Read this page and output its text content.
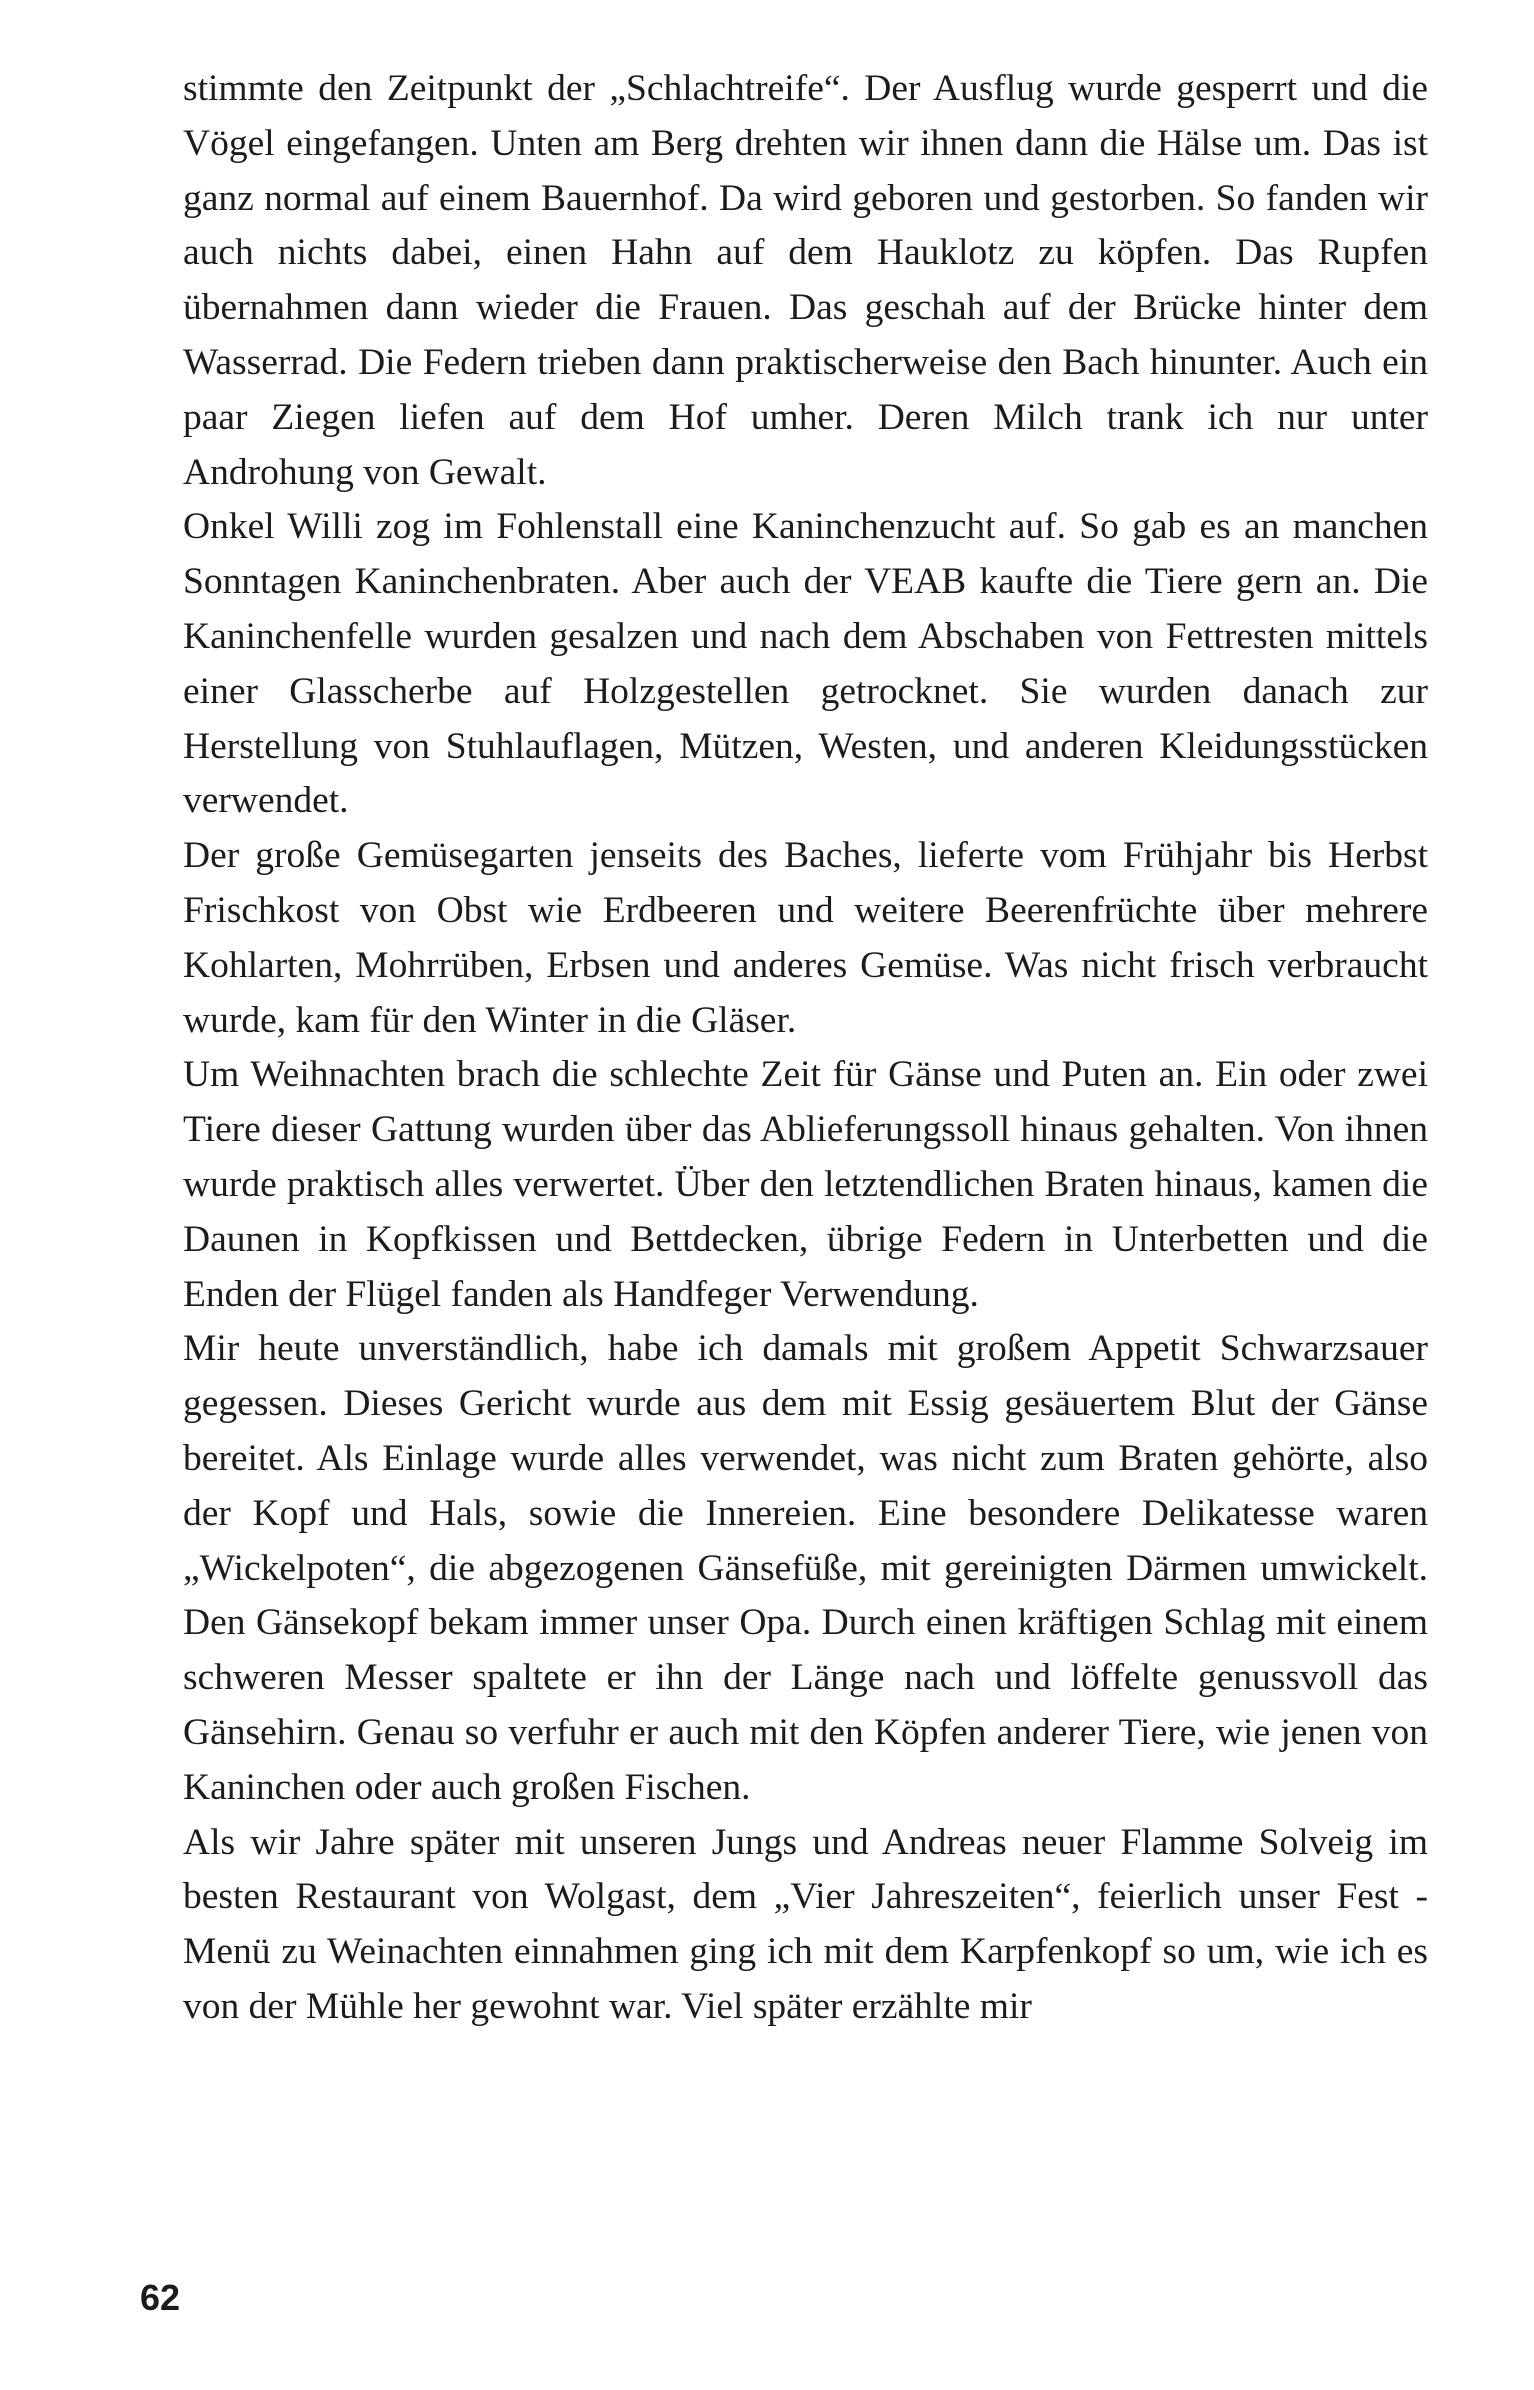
stimmte den Zeitpunkt der „Schlachtreife“. Der Ausflug wurde gesperrt und die Vögel eingefangen. Unten am Berg drehten wir ihnen dann die Hälse um. Das ist ganz normal auf einem Bauernhof. Da wird geboren und gestorben. So fanden wir auch nichts dabei, einen Hahn auf dem Hauklotz zu köpfen. Das Rupfen übernahmen dann wieder die Frauen. Das geschah auf der Brücke hinter dem Wasserrad. Die Federn trieben dann praktischerweise den Bach hinunter. Auch ein paar Ziegen liefen auf dem Hof umher. Deren Milch trank ich nur unter Androhung von Gewalt.

Onkel Willi zog im Fohlenstall eine Kaninchenzucht auf. So gab es an manchen Sonntagen Kaninchenbraten. Aber auch der VEAB kaufte die Tiere gern an. Die Kaninchenfelle wurden gesalzen und nach dem Abschaben von Fettresten mittels einer Glasscherbe auf Holzgestellen getrocknet. Sie wurden danach zur Herstellung von Stuhlauflagen, Mützen, Westen, und anderen Kleidungsstücken verwendet.

Der große Gemüsegarten jenseits des Baches, lieferte vom Frühjahr bis Herbst Frischkost von Obst wie Erdbeeren und weitere Beerenfrüchte über mehrere Kohlarten, Mohrrüben, Erbsen und anderes Gemüse. Was nicht frisch verbraucht wurde, kam für den Winter in die Gläser.

Um Weihnachten brach die schlechte Zeit für Gänse und Puten an. Ein oder zwei Tiere dieser Gattung wurden über das Ablieferungssoll hinaus gehalten. Von ihnen wurde praktisch alles verwertet. Über den letztendlichen Braten hinaus, kamen die Daunen in Kopfkissen und Bettdecken, übrige Federn in Unterbetten und die Enden der Flügel fanden als Handfeger Verwendung.

Mir heute unverständlich, habe ich damals mit großem Appetit Schwarzsauer gegessen. Dieses Gericht wurde aus dem mit Essig gesäuertem Blut der Gänse bereitet. Als Einlage wurde alles verwendet, was nicht zum Braten gehörte, also der Kopf und Hals, sowie die Innereien. Eine besondere Delikatesse waren „Wickelpoten“, die abgezogenen Gänsefüße, mit gereinigten Därmen umwickelt. Den Gänsekopf bekam immer unser Opa. Durch einen kräftigen Schlag mit einem schweren Messer spaltete er ihn der Länge nach und löffelte genussvoll das Gänsehirn. Genau so verfuhr er auch mit den Köpfen anderer Tiere, wie jenen von Kaninchen oder auch großen Fischen.

Als wir Jahre später mit unseren Jungs und Andreas neuer Flamme Solveig im besten Restaurant von Wolgast, dem „Vier Jahreszeiten“, feierlich unser Fest - Menü zu Weinachten einnahmen ging ich mit dem Karpfenkopf so um, wie ich es von der Mühle her gewohnt war. Viel später erzählte mir

62
